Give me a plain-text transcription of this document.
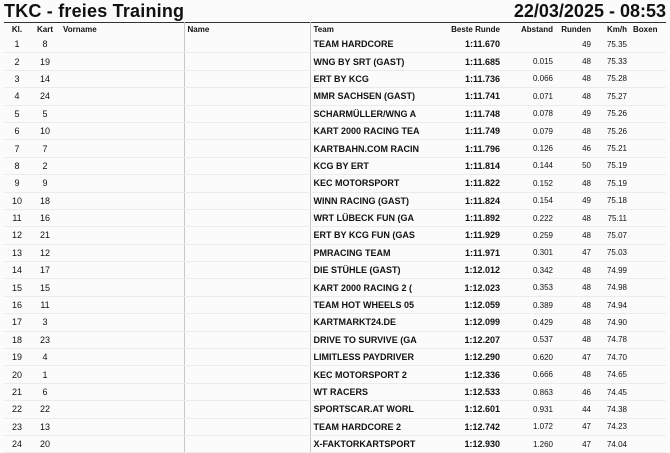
TKC - freies Training	22/03/2025 - 08:53
Kl.	Kart	Vorname	Name	Team	Beste Runde	Abstand	Runden	Km/h	Boxen
1	8			TEAM HARDCORE	1:11.670		49	75.35	
2	19			WNG BY SRT (GAST)	1:11.685	0.015	48	75.33	
3	14			ERT BY KCG	1:11.736	0.066	48	75.28	
4	24			MMR SACHSEN (GAST)	1:11.741	0.071	48	75.27	
5	5			SCHARMÜLLER/WNG A	1:11.748	0.078	49	75.26	
6	10			KART 2000 RACING TEA	1:11.749	0.079	48	75.26	
7	7			KARTBAHN.COM RACIN	1:11.796	0.126	46	75.21	
8	2			KCG BY ERT	1:11.814	0.144	50	75.19	
9	9			KEC MOTORSPORT	1:11.822	0.152	48	75.19	
10	18			WINN RACING (GAST)	1:11.824	0.154	49	75.18	
11	16			WRT LÜBECK FUN (GA	1:11.892	0.222	48	75.11	
12	21			ERT BY KCG FUN (GAS	1:11.929	0.259	48	75.07	
13	12			PMRACING TEAM	1:11.971	0.301	47	75.03	
14	17			DIE STÜHLE (GAST)	1:12.012	0.342	48	74.99	
15	15			KART 2000 RACING 2 (	1:12.023	0.353	48	74.98	
16	11			TEAM HOT WHEELS 05	1:12.059	0.389	48	74.94	
17	3			KARTMARKT24.DE	1:12.099	0.429	48	74.90	
18	23			DRIVE TO SURVIVE (GA	1:12.207	0.537	48	74.78	
19	4			LIMITLESS PAYDRIVER	1:12.290	0.620	47	74.70	
20	1			KEC MOTORSPORT 2	1:12.336	0.666	48	74.65	
21	6			WT RACERS	1:12.533	0.863	46	74.45	
22	22			SPORTSCAR.AT WORL	1:12.601	0.931	44	74.38	
23	13			TEAM HARDCORE 2	1:12.742	1.072	47	74.23	
24	20			X-FAKTORKARTSPORT	1:12.930	1.260	47	74.04	
